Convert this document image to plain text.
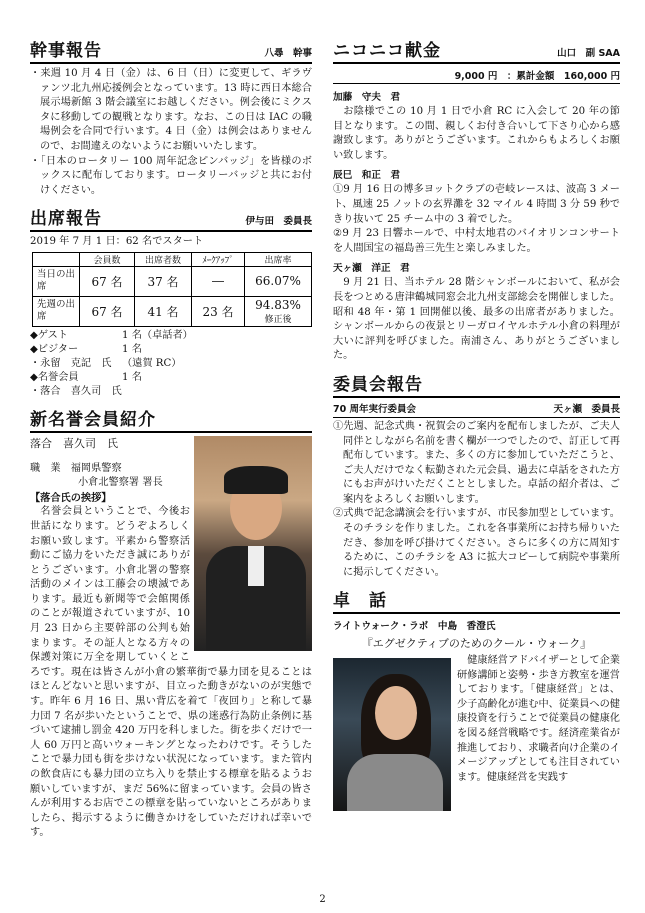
幹事報告	八尋　幹事

・来週 10 月 4 日（金）は、6 日（日）に変更して、ギラヴァンツ北九州応援例会となっています。13 時に西日本総合展示場新館 3 階会議室にお越しください。例会後にミクスタに移動しての観戦となります。なお、この日は IAC の職場例会を合同で行います。4 日（金）は例会はありませんので、お間違えのないようにお願いいたします。

・「日本のロータリー 100 周年記念ピンバッジ」を皆様のボックスに配布しております。ロータリーバッジと共にお付けください。

出席報告	伊与田　委員長

2019 年 7 月 1 日：62 名でスタート

	会員数	出席者数	ﾒｰｸｱｯﾌﾟ	出席率
当日の出席	67 名	37 名	―	66.07%
先週の出席	67 名	41 名	23 名	94.83%
修正後
◆ゲスト	1 名（卓話者）
◆ビジター	1 名
・永留　克記　氏	（遠賀 RC）
◆名誉会員	1 名
・落合　喜久司　氏
新名誉会員紹介

落合　喜久司　氏

職　業　 福岡県警察

小倉北警察署 署長

【落合氏の挨拶】

名誉会員ということで、今後お世話になります。どうぞよろしくお願い致します。平素から警察活動にご協力をいただき誠にありがとうございます。小倉北署の警察活動のメインは工藤会の壊滅であります。最近も新聞等で会館関係のことが報道されていますが、10 月 23 日から主要幹部の公判も始まります。その証人となる方々の保護対策に万全を期していくところです。現在は皆さんが小倉の繁華街で暴力団を見ることはほとんどないと思いますが、目立った動きがないのが実態です。昨年 6 月 16 日、黒い背広を着て「夜回り」と称して暴力団 7 名が歩いたということで、県の迷惑行為防止条例に基づいて逮捕し罰金 420 万円を科しました。街を歩くだけで一人 60 万円と高いウォーキングとなったわけです。そうしたことで暴力団も街を歩けない状況になっています。また管内の飲食店にも暴力団の立ち入りを禁止する標章を貼るようお願いしていますが、まだ 56%に留まっています。会員の皆さんが利用するお店でこの標章を貼っていないところがありましたら、掲示するように働きかけをしていただければ幸いです。

ニコニコ献金	山口　副 SAA
9,000 円　：累計金額　160,000 円
加藤　守夫　君

お陰様でこの 10 月 1 日で小倉 RC に入会して 20 年の節目となります。この間、親しくお付き合いして下さり心から感謝致します。ありがとうございます。これからもよろしくお願い致します。

辰巳　和正　君

①9 月 16 日の博多ヨットクラブの壱岐レースは、波高 3 メート、風速 25 ノットの玄界灘を 32 マイル 4 時間 3 分 59 秒できり抜いて 25 チーム中の 3 着でした。
②9 月 23 日響ホールで、中村太地君のバイオリンコンサートを人間国宝の福島善三先生と楽しみました。

天ヶ瀬　洋正　君

9 月 21 日、当ホテル 28 階シャンボールにおいて、私が会長をつとめる唐津鶴城同窓会北九州支部総会を開催しました。昭和 48 年・第 1 回開催以後、最多の出席者がありました。シャンボールからの夜景とリーガロイヤルホテル小倉の料理が大いに評判を呼びました。南浦さん、ありがとうございました。

委員会報告
70 周年実行委員会	天ヶ瀬　委員長

①先週、記念式典・祝賀会のご案内を配布しましたが、ご夫人同伴としながら名前を書く欄が一つでしたので、訂正して再配布しています。また、多くの方に参加していただこうと、ご夫人だけでなく転勤された元会員、過去に卓話をされた方にもお声がけいただくこととしました。卓話の紹介者は、ご案内をよろしくお願いします。

②式典で記念講演会を行いますが、市民参加型としています。そのチラシを作りました。これを各事業所にお持ち帰りいただき、参加を呼び掛けてください。さらに多くの方に周知するために、このチラシを A3 に拡大コピーして病院や事業所に掲示してください。

卓　話
ライトウォーク・ラボ　中島　香澄氏

『エグゼクティブのためのクール・ウォーク』

健康経営アドバイザーとして企業研修講師と姿勢・歩き方教室を運営しております。「健康経営」とは、少子高齢化が進む中、従業員への健康投資を行うことで従業員の健康化を図る経営戦略です。経済産業省が推進しており、求職者向け企業のイメージアップとしても注目されています。健康経営を実践す

2
